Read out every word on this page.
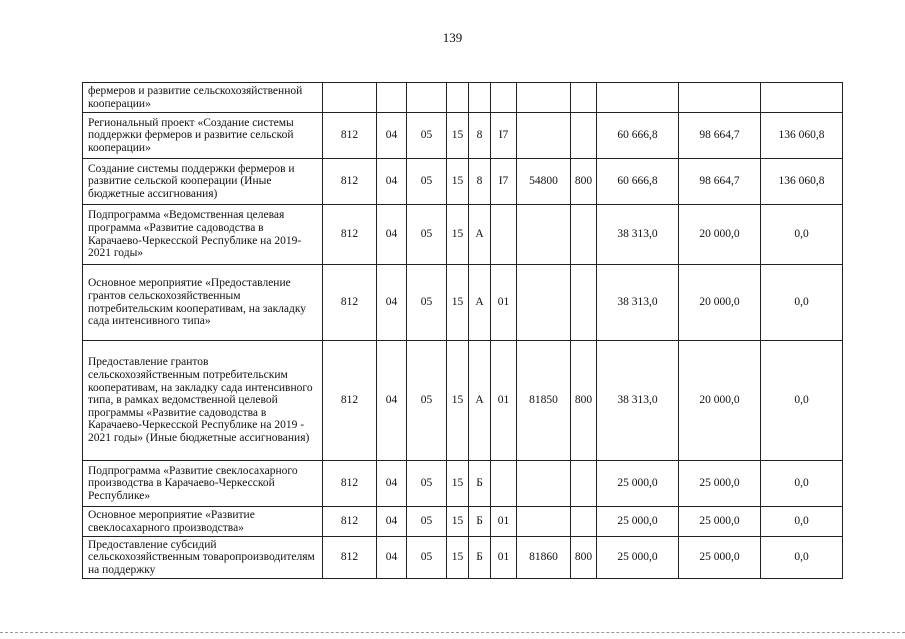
139
фермеров и развитие сельскохозяйственной кооперации»											
Региональный проект «Создание системы поддержки фермеров и развитие сельской кооперации»	812	04	05	15	8	I7			60 666,8	98 664,7	136 060,8
Создание системы поддержки фермеров и развитие сельской кооперации (Иные бюджетные ассигнования)	812	04	05	15	8	I7	54800	800	60 666,8	98 664,7	136 060,8
Подпрограмма «Ведомственная целевая программа «Развитие садоводства в Карачаево-Черкесской Республике на 2019-2021 годы»	812	04	05	15	А				38 313,0	20 000,0	0,0
Основное мероприятие «Предоставление грантов сельскохозяйственным потребительским кооперативам, на закладку сада интенсивного типа»	812	04	05	15	А	01			38 313,0	20 000,0	0,0
Предоставление грантов сельскохозяйственным потребительским кооперативам, на закладку сада интенсивного типа, в рамках ведомственной целевой программы «Развитие садоводства в Карачаево-Черкесской Республике на 2019 - 2021 годы» (Иные бюджетные ассигнования)	812	04	05	15	А	01	81850	800	38 313,0	20 000,0	0,0
Подпрограмма «Развитие свеклосахарного производства в Карачаево-Черкесской Республике»	812	04	05	15	Б				25 000,0	25 000,0	0,0
Основное мероприятие «Развитие свеклосахарного производства»	812	04	05	15	Б	01			25 000,0	25 000,0	0,0
Предоставление субсидий сельскохозяйственным товаропроизводителям на поддержку	812	04	05	15	Б	01	81860	800	25 000,0	25 000,0	0,0
